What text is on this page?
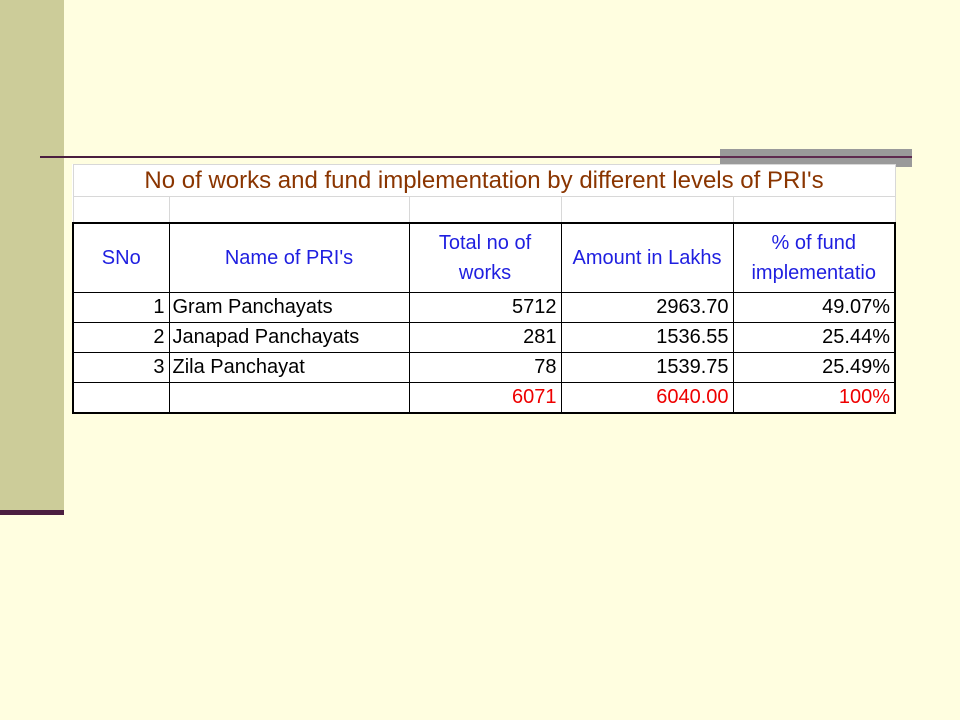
No of works and fund implementation by different levels of PRI's				

SNo	Name of PRI's	Total no of works	Amount in Lakhs	% of fund implementatio
1	Gram Panchayats	5712	2963.70	49.07%
2	Janapad Panchayats	281	1536.55	25.44%
3	Zila Panchayat	78	1539.75	25.49%
		6071	6040.00	100%
